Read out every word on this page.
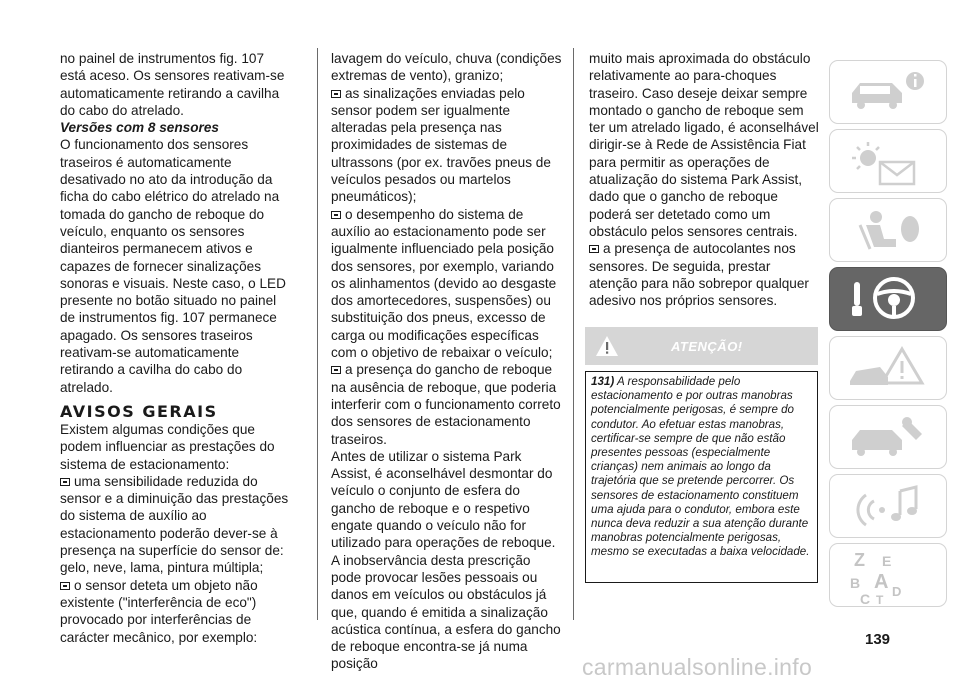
no painel de instrumentos fig. 107 está aceso. Os sensores reativam-se automaticamente retirando a cavilha do cabo do atrelado.

Versões com 8 sensores

O funcionamento dos sensores traseiros é automaticamente desativado no ato da introdução da ficha do cabo elétrico do atrelado na tomada do gancho de reboque do veículo, enquanto os sensores dianteiros permanecem ativos e capazes de fornecer sinalizações sonoras e visuais. Neste caso, o LED presente no botão situado no painel de instrumentos fig. 107 permanece apagado. Os sensores traseiros reativam-se automaticamente retirando a cavilha do cabo do atrelado.

AVISOS GERAIS

Existem algumas condições que podem influenciar as prestações do sistema de estacionamento:

uma sensibilidade reduzida do sensor e a diminuição das prestações do sistema de auxílio ao estacionamento poderão dever-se à presença na superfície do sensor de: gelo, neve, lama, pintura múltipla;

o sensor deteta um objeto não existente ("interferência de eco") provocado por interferências de carácter mecânico, por exemplo:

lavagem do veículo, chuva (condições extremas de vento), granizo;

as sinalizações enviadas pelo sensor podem ser igualmente alteradas pela presença nas proximidades de sistemas de ultrassons (por ex. travões pneus de veículos pesados ou martelos pneumáticos);

o desempenho do sistema de auxílio ao estacionamento pode ser igualmente influenciado pela posição dos sensores, por exemplo, variando os alinhamentos (devido ao desgaste dos amortecedores, suspensões) ou substituição dos pneus, excesso de carga ou modificações específicas com o objetivo de rebaixar o veículo;

a presença do gancho de reboque na ausência de reboque, que poderia interferir com o funcionamento correto dos sensores de estacionamento traseiros.

Antes de utilizar o sistema Park Assist, é aconselhável desmontar do veículo o conjunto de esfera do gancho de reboque e o respetivo engate quando o veículo não for utilizado para operações de reboque. A inobservância desta prescrição pode provocar lesões pessoais ou danos em veículos ou obstáculos já que, quando é emitida a sinalização acústica contínua, a esfera do gancho de reboque encontra-se já numa posição

muito mais aproximada do obstáculo relativamente ao para-choques traseiro. Caso deseje deixar sempre montado o gancho de reboque sem ter um atrelado ligado, é aconselhável dirigir-se à Rede de Assistência Fiat para permitir as operações de atualização do sistema Park Assist, dado que o gancho de reboque poderá ser detetado como um obstáculo pelos sensores centrais.

a presença de autocolantes nos sensores. De seguida, prestar atenção para não sobrepor qualquer adesivo nos próprios sensores.

ATENÇÃO!
131) A responsabilidade pelo estacionamento e por outras manobras potencialmente perigosas, é sempre do condutor. Ao efetuar estas manobras, certificar-se sempre de que não estão presentes pessoas (especialmente crianças) nem animais ao longo da trajetória que se pretende percorrer. Os sensores de estacionamento constituem uma ajuda para o condutor, embora este nunca deva reduzir a sua atenção durante manobras potencialmente perigosas, mesmo se executadas a baixa velocidade.
139
Z E
B A
C T
D
carmanualsonline.info
